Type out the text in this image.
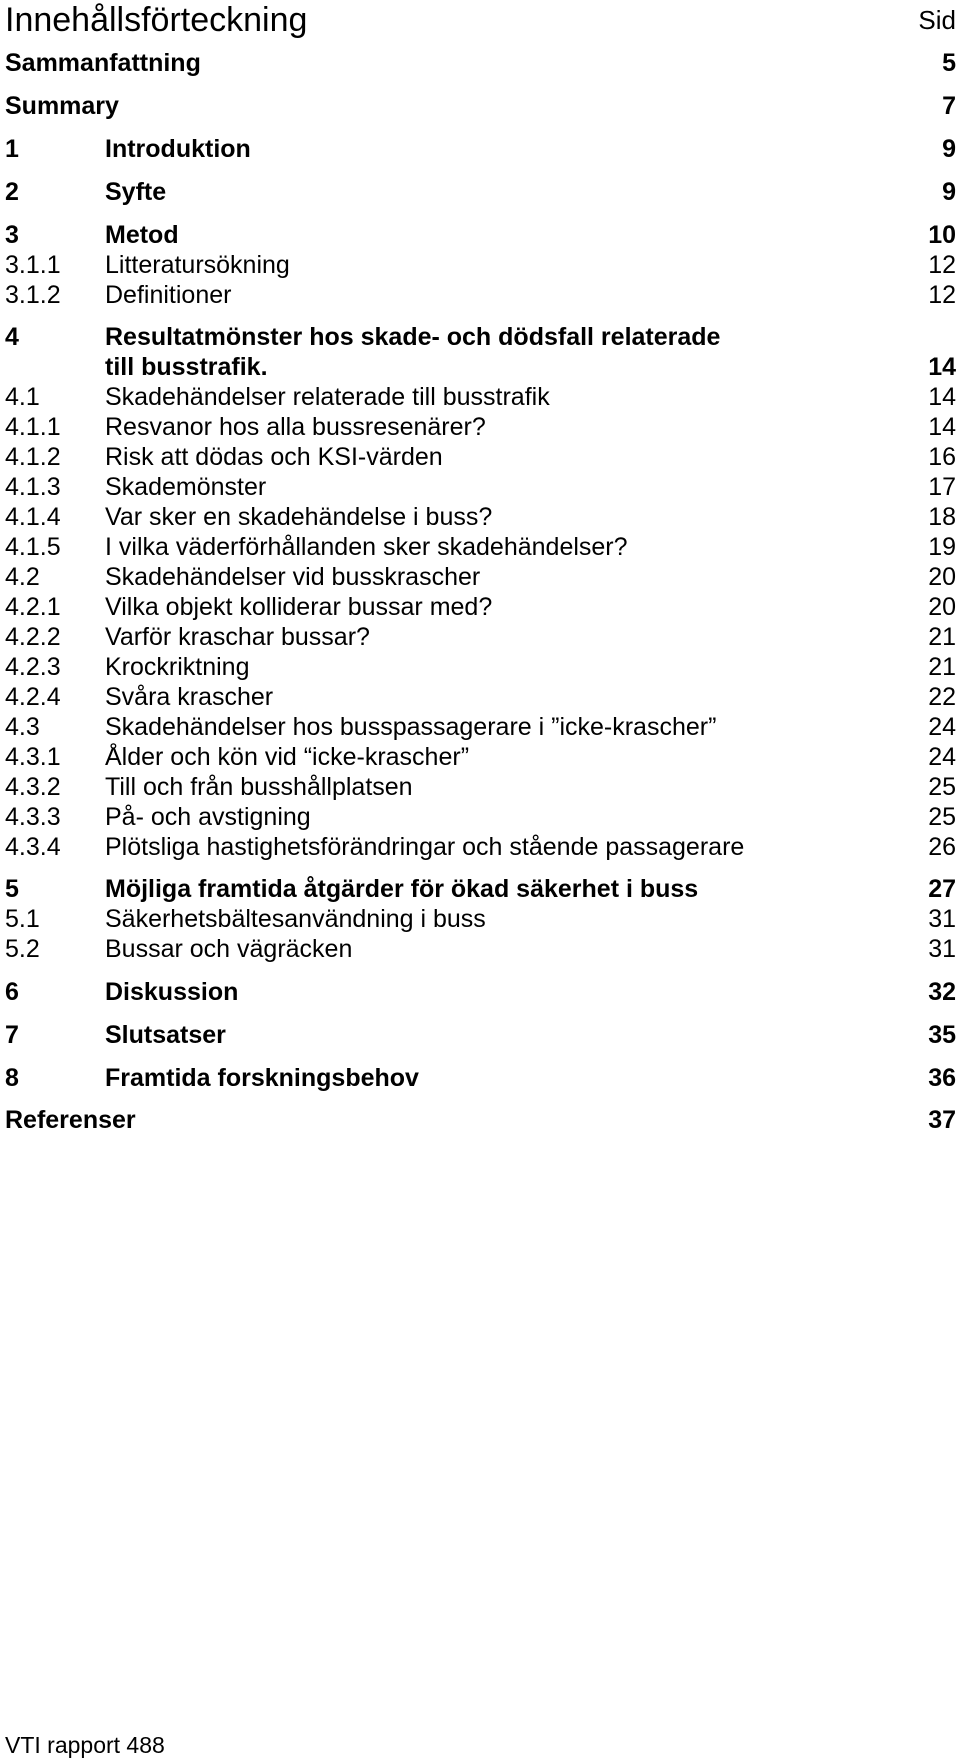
Innehållsförteckning	Sid
Sammanfattning	5
Summary	7
1	Introduktion	9
2	Syfte	9
3	Metod	10
3.1.1 Litteratursökning	12
3.1.2 Definitioner	12
4	Resultatmönster hos skade- och dödsfall relaterade
till busstrafik.	14
4.1	Skadehändelser relaterade till busstrafik	14
4.1.1 Resvanor hos alla bussresenärer?	14
4.1.2 Risk att dödas och KSI-värden	16
4.1.3 Skademönster	17
4.1.4 Var sker en skadehändelse i buss?	18
4.1.5 I vilka väderförhållanden sker skadehändelser?	19
4.2	Skadehändelser vid busskrascher	20
4.2.1 Vilka objekt kolliderar bussar med?	20
4.2.2 Varför kraschar bussar?	21
4.2.3 Krockriktning	21
4.2.4 Svåra krascher	22
4.3	Skadehändelser hos busspassagerare i ”icke-krascher”	24
4.3.1 Ålder och kön vid “icke-krascher”	24
4.3.2 Till och från busshållplatsen	25
4.3.3 På- och avstigning	25
4.3.4 Plötsliga hastighetsförändringar och stående passagerare	26
5	Möjliga framtida åtgärder för ökad säkerhet i buss	27
5.1	Säkerhetsbältesanvändning i buss	31
5.2	Bussar och vägräcken	31
6	Diskussion	32
7	Slutsatser	35
8	Framtida forskningsbehov	36
Referenser	37
VTI rapport 488
